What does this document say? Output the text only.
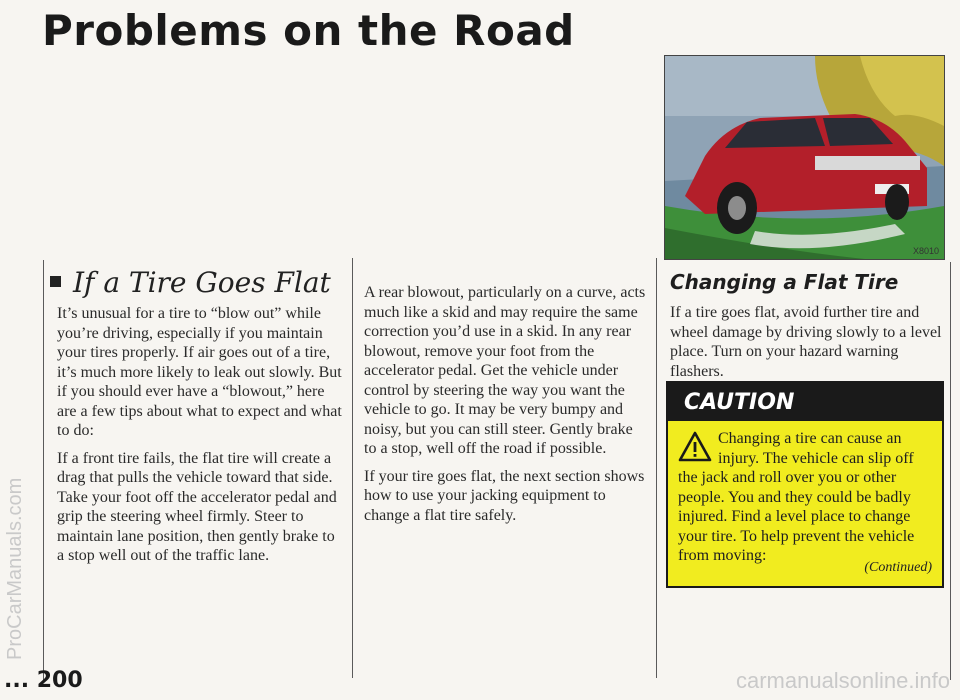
Problems on the Road
ProCarManuals.com
If a Tire Goes Flat

It’s unusual for a tire to “blow out” while you’re driving, especially if you maintain your tires properly. If air goes out of a tire, it’s much more likely to leak out slowly. But if you should ever have a “blowout,” here are a few tips about what to expect and what to do:

If a front tire fails, the flat tire will create a drag that pulls the vehicle toward that side. Take your foot off the accelerator pedal and grip the steering wheel firmly. Steer to maintain lane position, then gently brake to a stop well out of the traffic lane.

A rear blowout, particularly on a curve, acts much like a skid and may require the same correction you’d use in a skid. In any rear blowout, remove your foot from the accelerator pedal. Get the vehicle under control by steering the way you want the vehicle to go. It may be very bumpy and noisy, but you can still steer. Gently brake to a stop, well off the road if possible.

If your tire goes flat, the next section shows how to use your jacking equipment to change a flat tire safely.

X8010
Changing a Flat Tire

If a tire goes flat, avoid further tire and wheel damage by driving slowly to a level place. Turn on your hazard warning flashers.

CAUTION
Changing a tire can cause an injury. The vehicle can slip off the jack and roll over you or other people. You and they could be badly injured. Find a level place to change your tire. To help prevent the vehicle from moving:
(Continued)
... 200	carmanualsonline.info
